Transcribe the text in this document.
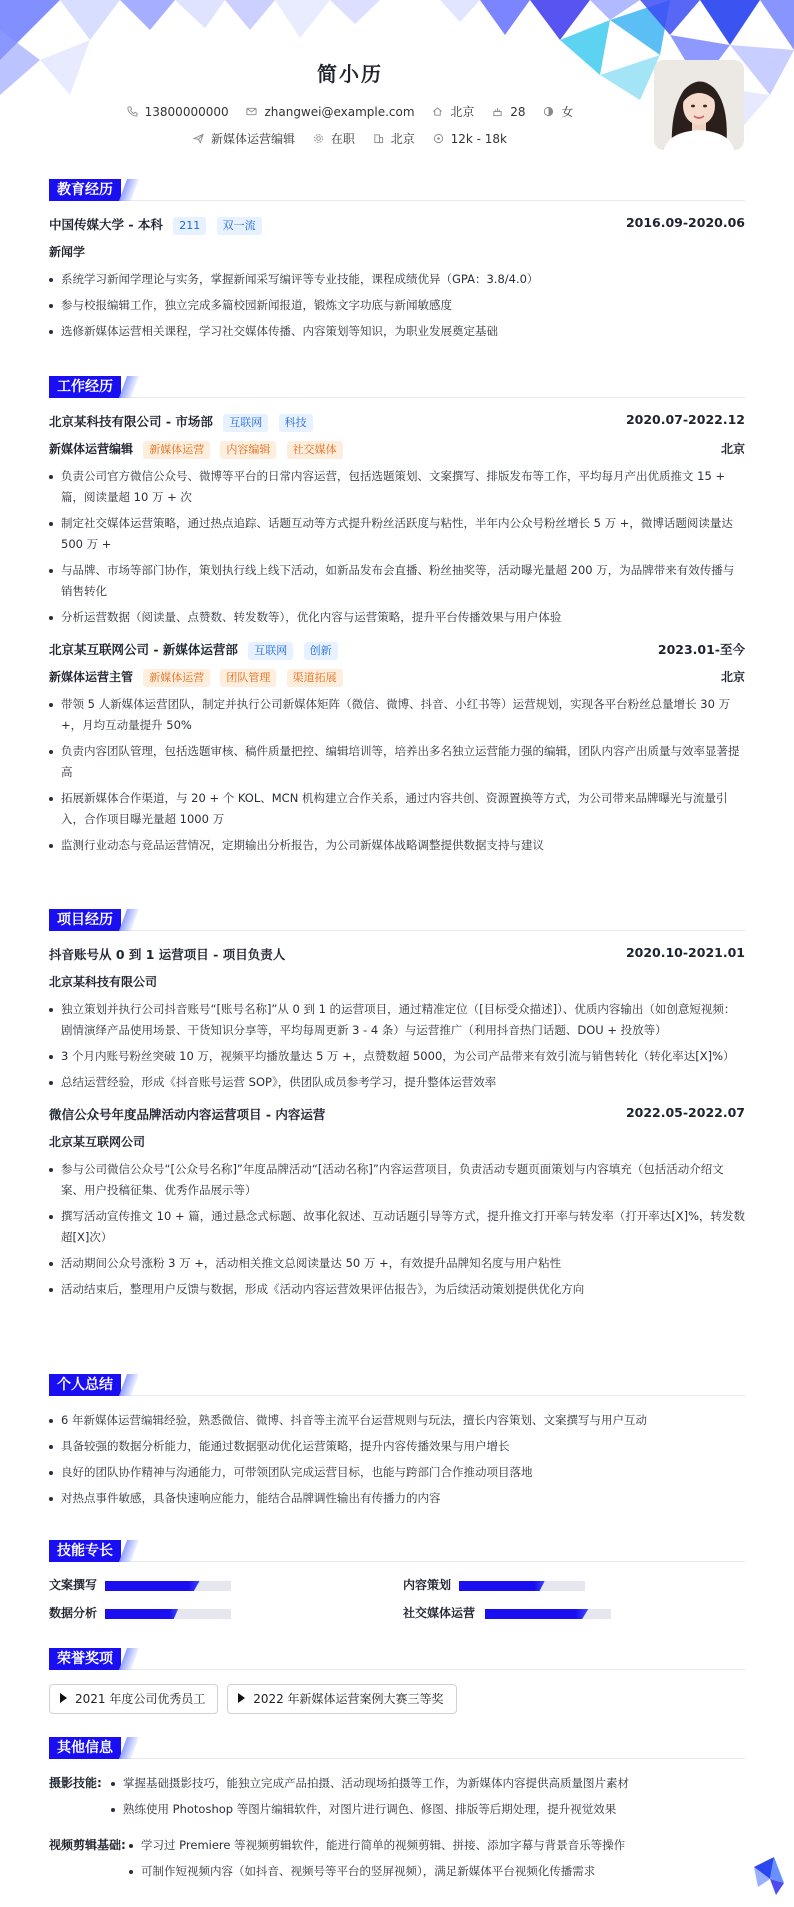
简小历
13800000000	zhangwei@example.com	北京	28	女
新媒体运营编辑	在职	北京	12k - 18k
教育经历
中国传媒大学 - 本科 211 双一流	2016.09-2020.06
新闻学
系统学习新闻学理论与实务，掌握新闻采写编评等专业技能，课程成绩优异（GPA：3.8/4.0）
参与校报编辑工作，独立完成多篇校园新闻报道，锻炼文字功底与新闻敏感度
选修新媒体运营相关课程，学习社交媒体传播、内容策划等知识，为职业发展奠定基础
工作经历
北京某科技有限公司 - 市场部 互联网 科技	2020.07-2022.12
新媒体运营编辑 新媒体运营 内容编辑 社交媒体	北京
负责公司官方微信公众号、微博等平台的日常内容运营，包括选题策划、文案撰写、排版发布等工作，平均每月产出优质推文 15 + 篇，阅读量超 10 万 + 次
制定社交媒体运营策略，通过热点追踪、话题互动等方式提升粉丝活跃度与粘性，半年内公众号粉丝增长 5 万 +，微博话题阅读量达 500 万 +
与品牌、市场等部门协作，策划执行线上线下活动，如新品发布会直播、粉丝抽奖等，活动曝光量超 200 万，为品牌带来有效传播与销售转化
分析运营数据（阅读量、点赞数、转发数等），优化内容与运营策略，提升平台传播效果与用户体验
北京某互联网公司 - 新媒体运营部 互联网 创新	2023.01-至今
新媒体运营主管 新媒体运营 团队管理 渠道拓展	北京
带领 5 人新媒体运营团队，制定并执行公司新媒体矩阵（微信、微博、抖音、小红书等）运营规划，实现各平台粉丝总量增长 30 万 +，月均互动量提升 50%
负责内容团队管理，包括选题审核、稿件质量把控、编辑培训等，培养出多名独立运营能力强的编辑，团队内容产出质量与效率显著提高
拓展新媒体合作渠道，与 20 + 个 KOL、MCN 机构建立合作关系，通过内容共创、资源置换等方式，为公司带来品牌曝光与流量引入，合作项目曝光量超 1000 万
监测行业动态与竞品运营情况，定期输出分析报告，为公司新媒体战略调整提供数据支持与建议
项目经历
抖音账号从 0 到 1 运营项目 - 项目负责人	2020.10-2021.01
北京某科技有限公司
独立策划并执行公司抖音账号“[账号名称]”从 0 到 1 的运营项目，通过精准定位（[目标受众描述]）、优质内容输出（如创意短视频：剧情演绎产品使用场景、干货知识分享等，平均每周更新 3 - 4 条）与运营推广（利用抖音热门话题、DOU + 投放等）
3 个月内账号粉丝突破 10 万，视频平均播放量达 5 万 +，点赞数超 5000，为公司产品带来有效引流与销售转化（转化率达[X]%）
总结运营经验，形成《抖音账号运营 SOP》，供团队成员参考学习，提升整体运营效率
微信公众号年度品牌活动内容运营项目 - 内容运营	2022.05-2022.07
北京某互联网公司
参与公司微信公众号“[公众号名称]”年度品牌活动“[活动名称]”内容运营项目，负责活动专题页面策划与内容填充（包括活动介绍文案、用户投稿征集、优秀作品展示等）
撰写活动宣传推文 10 + 篇，通过悬念式标题、故事化叙述、互动话题引导等方式，提升推文打开率与转发率（打开率达[X]%，转发数超[X]次）
活动期间公众号涨粉 3 万 +，活动相关推文总阅读量达 50 万 +，有效提升品牌知名度与用户粘性
活动结束后，整理用户反馈与数据，形成《活动内容运营效果评估报告》，为后续活动策划提供优化方向
个人总结
6 年新媒体运营编辑经验，熟悉微信、微博、抖音等主流平台运营规则与玩法，擅长内容策划、文案撰写与用户互动
具备较强的数据分析能力，能通过数据驱动优化运营策略，提升内容传播效果与用户增长
良好的团队协作精神与沟通能力，可带领团队完成运营目标，也能与跨部门合作推动项目落地
对热点事件敏感，具备快速响应能力，能结合品牌调性输出有传播力的内容
技能专长
文案撰写	内容策划
数据分析	社交媒体运营
荣誉奖项
2021 年度公司优秀员工	2022 年新媒体运营案例大赛三等奖
其他信息
摄影技能:	掌握基础摄影技巧，能独立完成产品拍摄、活动现场拍摄等工作，为新媒体内容提供高质量图片素材
熟练使用 Photoshop 等图片编辑软件，对图片进行调色、修图、排版等后期处理，提升视觉效果
视频剪辑基础:	学习过 Premiere 等视频剪辑软件，能进行简单的视频剪辑、拼接、添加字幕与背景音乐等操作
可制作短视频内容（如抖音、视频号等平台的竖屏视频），满足新媒体平台视频化传播需求
